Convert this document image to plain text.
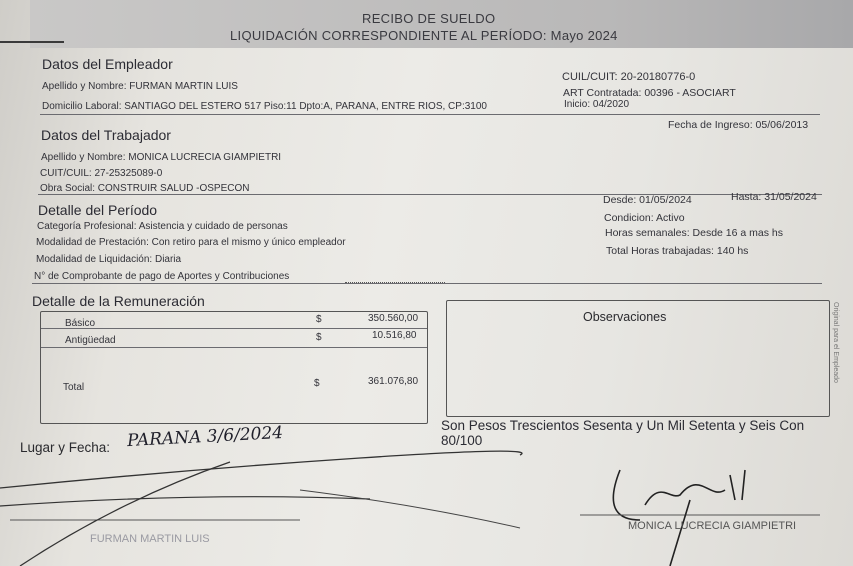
RECIBO DE SUELDO
LIQUIDACIÓN CORRESPONDIENTE AL PERÍODO: Mayo 2024
Datos del Empleador
Apellido y Nombre: FURMAN MARTIN LUIS
Domicilio Laboral: SANTIAGO DEL ESTERO 517 Piso:11 Dpto:A, PARANA, ENTRE RIOS, CP:3100
CUIL/CUIT: 20-20180776-0
ART Contratada: 00396 - ASOCIART
Inicio: 04/2020
Datos del Trabajador
Fecha de Ingreso: 05/06/2013
Apellido y Nombre: MONICA LUCRECIA GIAMPIETRI
CUIT/CUIL: 27-25325089-0
Obra Social: CONSTRUIR SALUD -OSPECON
Detalle del Período
Desde: 01/05/2024	Hasta: 31/05/2024
Categoría Profesional: Asistencia y cuidado de personas
Modalidad de Prestación: Con retiro para el mismo y único empleador
Modalidad de Liquidación: Diaria
N° de Comprobante de pago de Aportes y Contribuciones
Condicion: Activo
Horas semanales: Desde 16 a mas hs
Total Horas trabajadas: 140 hs
Detalle de la Remuneración
Básico	$	350.560,00
Antigüedad	$	10.516,80
Total	$	361.076,80
Observaciones	Original para el Empleado
Son Pesos Trescientos Sesenta y Un Mil Setenta y Seis Con 80/100
Lugar y Fecha: PARANA 3/6/2024
FURMAN MARTIN LUIS
MONICA LUCRECIA GIAMPIETRI
